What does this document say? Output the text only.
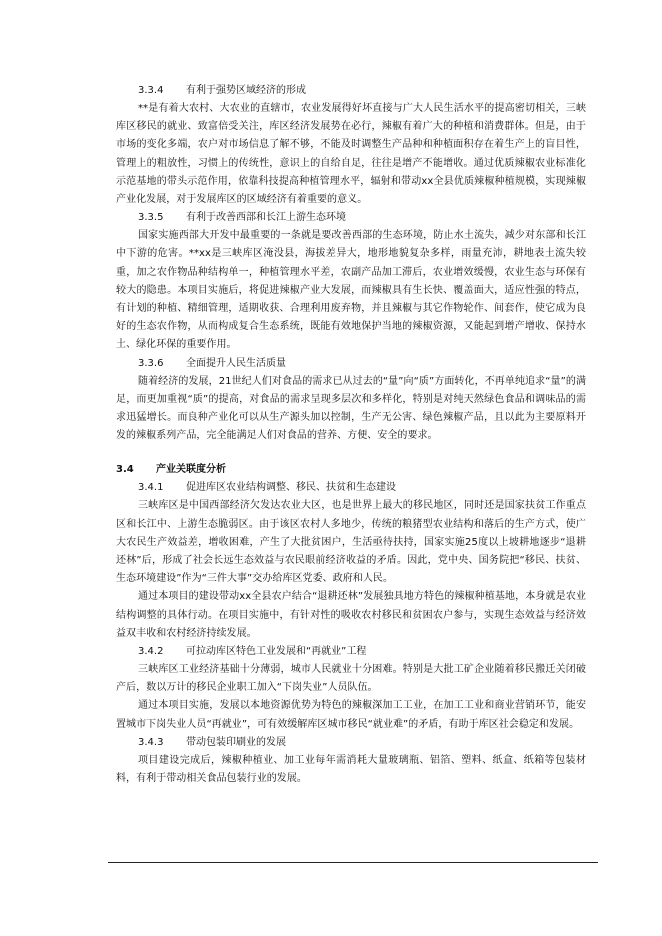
3.3.4 有利于强势区域经济的形成

**是有着大农村、大农业的直辖市，农业发展得好坏直接与广大人民生活水平的提高密切相关，三峡库区移民的就业、致富倍受关注，库区经济发展势在必行，辣椒有着广大的种植和消费群体。但是，由于市场的变化多端，农户对市场信息了解不够，不能及时调整生产品种和种植面积存在着生产上的盲目性，管理上的粗放性，习惯上的传统性，意识上的自给自足，往往是增产不能增收。通过优质辣椒农业标准化示范基地的带头示范作用，依靠科技提高种植管理水平，辐射和带动xx全县优质辣椒种植规模，实现辣椒产业化发展，对于发展库区的区域经济有着重要的意义。

3.3.5 有利于改善西部和长江上游生态环境

国家实施西部大开发中最重要的一条就是要改善西部的生态环境，防止水土流失，减少对东部和长江中下游的危害。**xx是三峡库区淹没县，海拔差异大，地形地貌复杂多样，雨量充沛，耕地表土流失较重，加之农作物品种结构单一，种植管理水平差，农副产品加工滞后，农业增效缓慢，农业生态与环保有较大的隐患。本项目实施后，将促进辣椒产业大发展，而辣椒具有生长快、覆盖面大，适应性强的特点，有计划的种植、精细管理，适期收获、合理利用废弃物，并且辣椒与其它作物轮作、间套作，使它成为良好的生态农作物，从而构成复合生态系统，既能有效地保护当地的辣椒资源，又能起到增产增收、保持水土、绿化环保的重要作用。

3.3.6 全面提升人民生活质量

随着经济的发展，21世纪人们对食品的需求已从过去的“量”向“质”方面转化，不再单纯追求“量”的满足，而更加重视“质”的提高，对食品的需求呈现多层次和多样化，特别是对纯天然绿色食品和调味品的需求迅猛增长。而良种产业化可以从生产源头加以控制，生产无公害、绿色辣椒产品，且以此为主要原料开发的辣椒系列产品，完全能满足人们对食品的营养、方便、安全的要求。

3.4 产业关联度分析
3.4.1 促进库区农业结构调整、移民、扶贫和生态建设

三峡库区是中国西部经济欠发达农业大区，也是世界上最大的移民地区，同时还是国家扶贫工作重点区和长江中、上游生态脆弱区。由于该区农村人多地少，传统的粮猪型农业结构和落后的生产方式，使广大农民生产效益差，增收困难，产生了大批贫困户，生活亟待扶持，国家实施25度以上坡耕地逐步“退耕还林”后，形成了社会长远生态效益与农民眼前经济收益的矛盾。因此，党中央、国务院把“移民、扶贫、生态环境建设”作为“三件大事”交办给库区党委、政府和人民。

通过本项目的建设带动xx全县农户结合“退耕还林”发展独具地方特色的辣椒种植基地，本身就是农业结构调整的具体行动。在项目实施中，有针对性的吸收农村移民和贫困农户参与，实现生态效益与经济效益双丰收和农村经济持续发展。

3.4.2 可拉动库区特色工业发展和“再就业”工程

三峡库区工业经济基础十分薄弱，城市人民就业十分困难。特别是大批工矿企业随着移民搬迁关闭破产后，数以万计的移民企业职工加入“下岗失业”人员队伍。

通过本项目实施，发展以本地资源优势为特色的辣椒深加工工业，在加工工业和商业营销环节，能安置城市下岗失业人员“再就业”，可有效缓解库区城市移民“就业难”的矛盾，有助于库区社会稳定和发展。

3.4.3 带动包装印刷业的发展

项目建设完成后，辣椒种植业、加工业每年需消耗大量玻璃瓶、铝箔、塑料、纸盒、纸箱等包装材料，有利于带动相关食品包装行业的发展。
